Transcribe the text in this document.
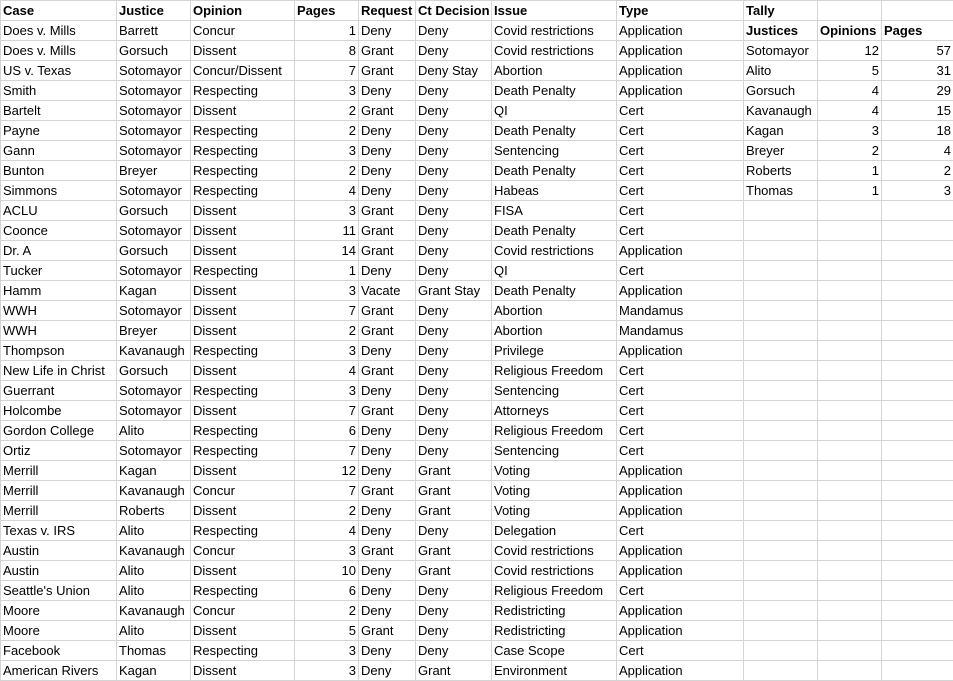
Case	Justice	Opinion	Pages	Request	Ct Decision	Issue	Type	Tally		
Does v. Mills	Barrett	Concur	1	Deny	Deny	Covid restrictions	Application	Justices	Opinions	Pages
Does v. Mills	Gorsuch	Dissent	8	Grant	Deny	Covid restrictions	Application	Sotomayor	12	57
US v. Texas	Sotomayor	Concur/Dissent	7	Grant	Deny Stay	Abortion	Application	Alito	5	31
Smith	Sotomayor	Respecting	3	Deny	Deny	Death Penalty	Application	Gorsuch	4	29
Bartelt	Sotomayor	Dissent	2	Grant	Deny	QI	Cert	Kavanaugh	4	15
Payne	Sotomayor	Respecting	2	Deny	Deny	Death Penalty	Cert	Kagan	3	18
Gann	Sotomayor	Respecting	3	Deny	Deny	Sentencing	Cert	Breyer	2	4
Bunton	Breyer	Respecting	2	Deny	Deny	Death Penalty	Cert	Roberts	1	2
Simmons	Sotomayor	Respecting	4	Deny	Deny	Habeas	Cert	Thomas	1	3
ACLU	Gorsuch	Dissent	3	Grant	Deny	FISA	Cert			
Coonce	Sotomayor	Dissent	11	Grant	Deny	Death Penalty	Cert			
Dr. A	Gorsuch	Dissent	14	Grant	Deny	Covid restrictions	Application			
Tucker	Sotomayor	Respecting	1	Deny	Deny	QI	Cert			
Hamm	Kagan	Dissent	3	Vacate	Grant Stay	Death Penalty	Application			
WWH	Sotomayor	Dissent	7	Grant	Deny	Abortion	Mandamus			
WWH	Breyer	Dissent	2	Grant	Deny	Abortion	Mandamus			
Thompson	Kavanaugh	Respecting	3	Deny	Deny	Privilege	Application			
New Life in Christ	Gorsuch	Dissent	4	Grant	Deny	Religious Freedom	Cert			
Guerrant	Sotomayor	Respecting	3	Deny	Deny	Sentencing	Cert			
Holcombe	Sotomayor	Dissent	7	Grant	Deny	Attorneys	Cert			
Gordon College	Alito	Respecting	6	Deny	Deny	Religious Freedom	Cert			
Ortiz	Sotomayor	Respecting	7	Deny	Deny	Sentencing	Cert			
Merrill	Kagan	Dissent	12	Deny	Grant	Voting	Application			
Merrill	Kavanaugh	Concur	7	Grant	Grant	Voting	Application			
Merrill	Roberts	Dissent	2	Deny	Grant	Voting	Application			
Texas v. IRS	Alito	Respecting	4	Deny	Deny	Delegation	Cert			
Austin	Kavanaugh	Concur	3	Grant	Grant	Covid restrictions	Application			
Austin	Alito	Dissent	10	Deny	Grant	Covid restrictions	Application			
Seattle's Union	Alito	Respecting	6	Deny	Deny	Religious Freedom	Cert			
Moore	Kavanaugh	Concur	2	Deny	Deny	Redistricting	Application			
Moore	Alito	Dissent	5	Grant	Deny	Redistricting	Application			
Facebook	Thomas	Respecting	3	Deny	Deny	Case Scope	Cert			
American Rivers	Kagan	Dissent	3	Deny	Grant	Environment	Application			
